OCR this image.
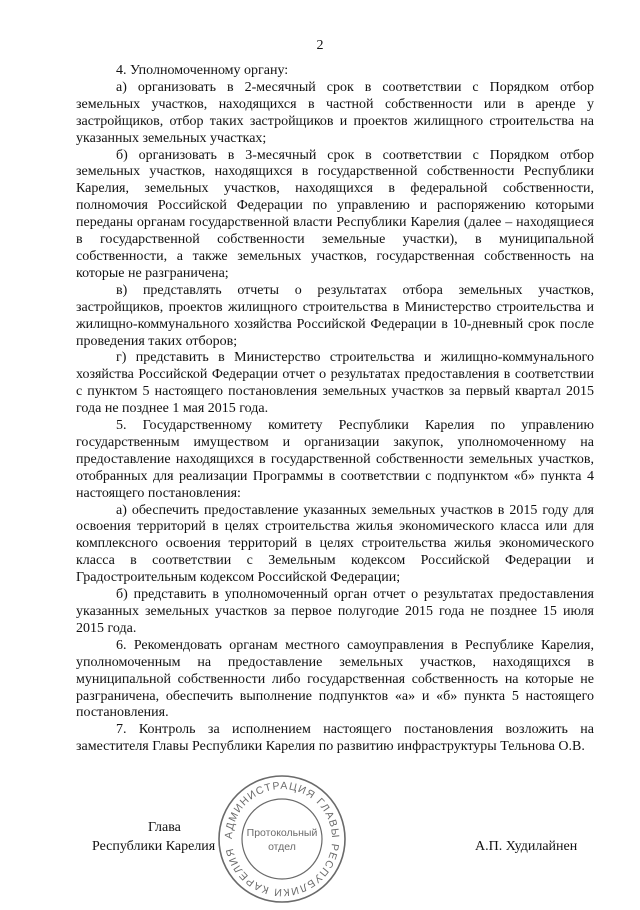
2

4. Уполномоченному органу:

а) организовать в 2-месячный срок в соответствии с Порядком отбор земельных участков, находящихся в частной собственности или в аренде у застройщиков, отбор таких застройщиков и проектов жилищного строительства на указанных земельных участках;

б) организовать в 3-месячный срок в соответствии с Порядком отбор земельных участков, находящихся в государственной собственности Республики Карелия, земельных участков, находящихся в федеральной собственности, полномочия Российской Федерации по управлению и распоряжению которыми переданы органам государственной власти Республики Карелия (далее – находящиеся в государственной собственности земельные участки), в муниципальной собственности, а также земельных участков, государственная собственность на которые не разграничена;

в) представлять отчеты о результатах отбора земельных участков, застройщиков, проектов жилищного строительства в Министерство строительства и жилищно-коммунального хозяйства Российской Федерации в 10-дневный срок после проведения таких отборов;

г) представить в Министерство строительства и жилищно-коммунального хозяйства Российской Федерации отчет о результатах предоставления в соответствии с пунктом 5 настоящего постановления земельных участков за первый квартал 2015 года не позднее 1 мая 2015 года.

5. Государственному комитету Республики Карелия по управлению государственным имуществом и организации закупок, уполномоченному на предоставление находящихся в государственной собственности земельных участков, отобранных для реализации Программы в соответствии с подпунктом «б» пункта 4 настоящего постановления:

а) обеспечить предоставление указанных земельных участков в 2015 году для освоения территорий в целях строительства жилья экономического класса или для комплексного освоения территорий в целях строительства жилья экономического класса в соответствии с Земельным кодексом Российской Федерации и Градостроительным кодексом Российской Федерации;

б) представить в уполномоченный орган отчет о результатах предоставления указанных земельных участков за первое полугодие 2015 года не позднее 15 июля 2015 года.

6. Рекомендовать органам местного самоуправления в Республике Карелия, уполномоченным на предоставление земельных участков, находящихся в муниципальной собственности либо государственная собственность на которые не разграничена, обеспечить выполнение подпунктов «а» и «б» пункта 5 настоящего постановления.

7. Контроль за исполнением настоящего постановления возложить на заместителя Главы Республики Карелия по развитию инфраструктуры Тельнова О.В.

Глава
Республики Карелия	А.П. Худилайнен
АДМИНИСТРАЦИЯ ГЛАВЫ РЕСПУБЛИКИ КАРЕЛИЯ
Протокольный
отдел
